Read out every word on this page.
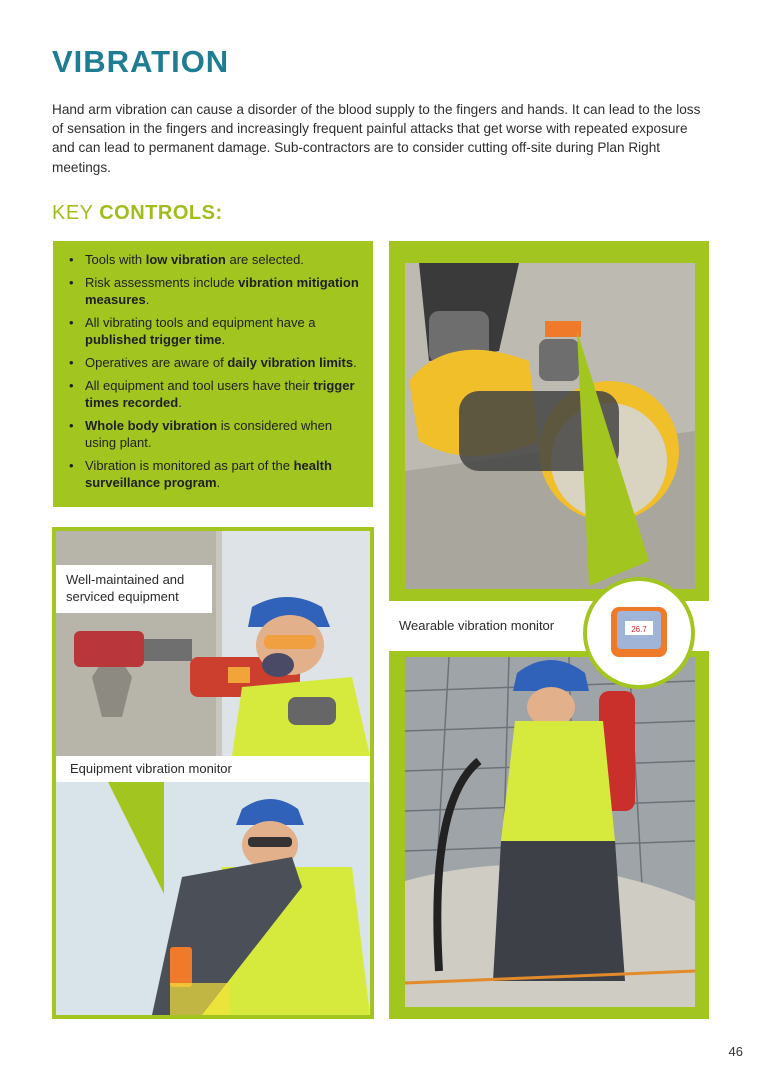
VIBRATION

Hand arm vibration can cause a disorder of the blood supply to the fingers and hands. It can lead to the loss of sensation in the fingers and increasingly frequent painful attacks that get worse with repeated exposure and can lead to permanent damage. Sub-contractors are to consider cutting off-site during Plan Right meetings.

KEY CONTROLS:
• Tools with low vibration are selected.
• Risk assessments include vibration mitigation measures.
• All vibrating tools and equipment have a published trigger time.
• Operatives are aware of daily vibration limits.
• All equipment and tool users have their trigger times recorded.
• Whole body vibration is considered when using plant.
• Vibration is monitored as part of the health surveillance program.
Well-maintained and serviced equipment
Equipment vibration monitor
26.7
Wearable vibration monitor
46
